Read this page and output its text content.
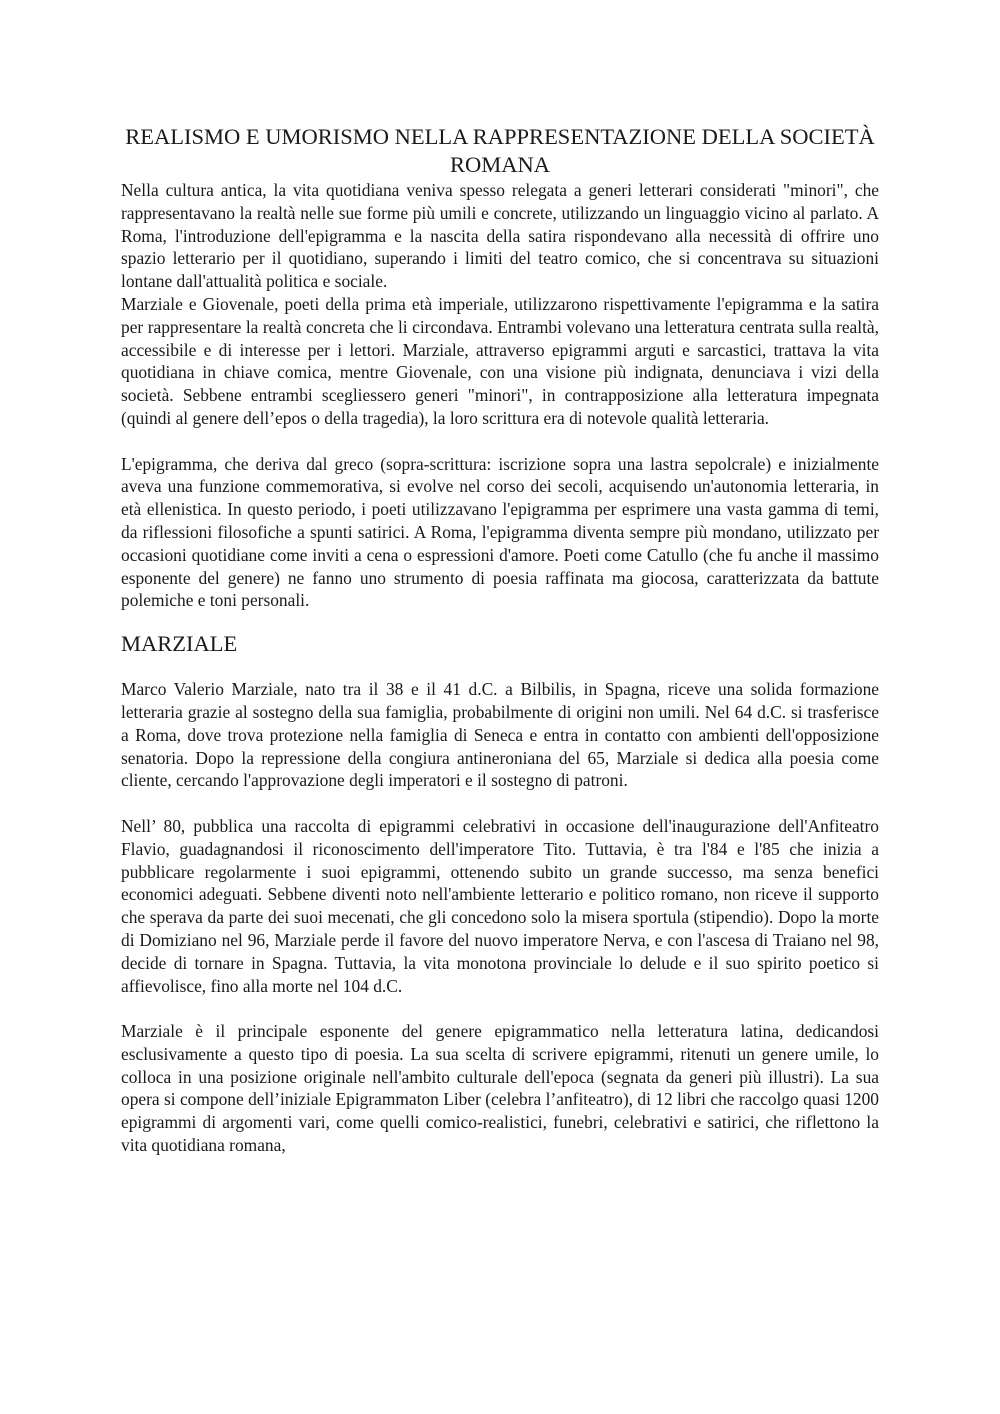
REALISMO E UMORISMO NELLA RAPPRESENTAZIONE DELLA SOCIETÀ ROMANA

Nella cultura antica, la vita quotidiana veniva spesso relegata a generi letterari considerati "minori", che rappresentavano la realtà nelle sue forme più umili e concrete, utilizzando un linguaggio vicino al parlato. A Roma, l'introduzione dell'epigramma e la nascita della satira rispondevano alla necessità di offrire uno spazio letterario per il quotidiano, superando i limiti del teatro comico, che si concentrava su situazioni lontane dall'attualità politica e sociale.

Marziale e Giovenale, poeti della prima età imperiale, utilizzarono rispettivamente l'epigramma e la satira per rappresentare la realtà concreta che li circondava. Entrambi volevano una letteratura centrata sulla realtà, accessibile e di interesse per i lettori. Marziale, attraverso epigrammi arguti e sarcastici, trattava la vita quotidiana in chiave comica, mentre Giovenale, con una visione più indignata, denunciava i vizi della società. Sebbene entrambi scegliessero generi "minori", in contrapposizione alla letteratura impegnata (quindi al genere dell’epos o della tragedia), la loro scrittura era di notevole qualità letteraria.

L'epigramma, che deriva dal greco (sopra-scrittura: iscrizione sopra una lastra sepolcrale) e inizialmente aveva una funzione commemorativa, si evolve nel corso dei secoli, acquisendo un'autonomia letteraria, in età ellenistica. In questo periodo, i poeti utilizzavano l'epigramma per esprimere una vasta gamma di temi, da riflessioni filosofiche a spunti satirici. A Roma, l'epigramma diventa sempre più mondano, utilizzato per occasioni quotidiane come inviti a cena o espressioni d'amore. Poeti come Catullo (che fu anche il massimo esponente del genere) ne fanno uno strumento di poesia raffinata ma giocosa, caratterizzata da battute polemiche e toni personali.

MARZIALE

Marco Valerio Marziale, nato tra il 38 e il 41 d.C. a Bilbilis, in Spagna, riceve una solida formazione letteraria grazie al sostegno della sua famiglia, probabilmente di origini non umili. Nel 64 d.C. si trasferisce a Roma, dove trova protezione nella famiglia di Seneca e entra in contatto con ambienti dell'opposizione senatoria. Dopo la repressione della congiura antineroniana del 65, Marziale si dedica alla poesia come cliente, cercando l'approvazione degli imperatori e il sostegno di patroni.

Nell’ 80, pubblica una raccolta di epigrammi celebrativi in occasione dell'inaugurazione dell'Anfiteatro Flavio, guadagnandosi il riconoscimento dell'imperatore Tito. Tuttavia, è tra l'84 e l'85 che inizia a pubblicare regolarmente i suoi epigrammi, ottenendo subito un grande successo, ma senza benefici economici adeguati. Sebbene diventi noto nell'ambiente letterario e politico romano, non riceve il supporto che sperava da parte dei suoi mecenati, che gli concedono solo la misera sportula (stipendio). Dopo la morte di Domiziano nel 96, Marziale perde il favore del nuovo imperatore Nerva, e con l'ascesa di Traiano nel 98, decide di tornare in Spagna. Tuttavia, la vita monotona provinciale lo delude e il suo spirito poetico si affievolisce, fino alla morte nel 104 d.C.

Marziale è il principale esponente del genere epigrammatico nella letteratura latina, dedicandosi esclusivamente a questo tipo di poesia. La sua scelta di scrivere epigrammi, ritenuti un genere umile, lo colloca in una posizione originale nell'ambito culturale dell'epoca (segnata da generi più illustri). La sua opera si compone dell’iniziale Epigrammaton Liber (celebra l’anfiteatro), di 12 libri che raccolgo quasi 1200 epigrammi di argomenti vari, come quelli comico-realistici, funebri, celebrativi e satirici, che riflettono la vita quotidiana romana,
